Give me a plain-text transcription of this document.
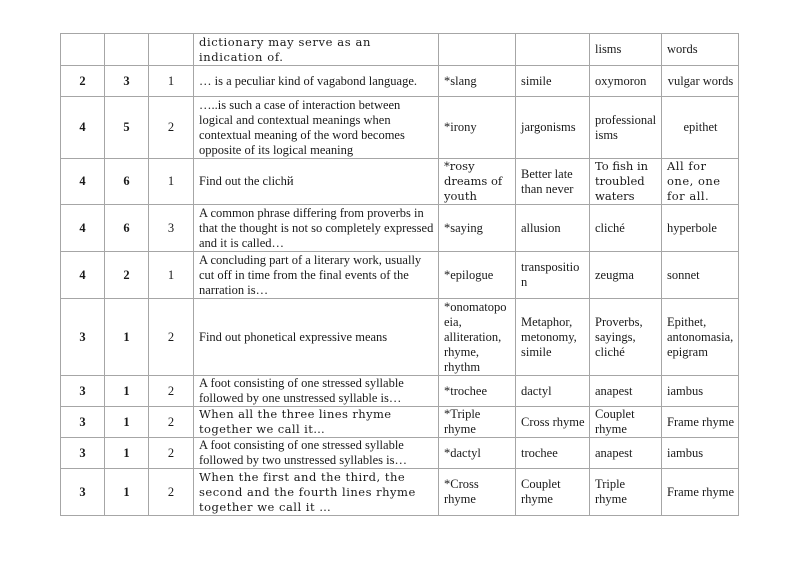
			dictionary may serve as an indication of.			lisms	words
2	3	1	… is a peculiar kind of vagabond language.	*slang	simile	oxymoron	vulgar words
4	5	2	…..is such a case of interaction between logical and contextual meanings when contextual meaning of the word becomes opposite of its logical meaning	*irony	jargonisms	professionalisms	epithet
4	6	1	Find out the clichй	*rosy dreams of youth	Better late than never	To fish in troubled waters	All for one, one for all.
4	6	3	A common phrase differing from proverbs in that the thought is not so completely expressed and it is called…	*saying	allusion	cliché	hyperbole
4	2	1	A concluding part of a literary work, usually cut off in time from the final events of the narration is…	*epilogue	transposition	zeugma	sonnet
3	1	2	Find out phonetical expressive means	*onomatopoeia, alliteration, rhyme, rhythm	Metaphor, metonomy, simile	Proverbs, sayings, cliché	Epithet, antonomasia, epigram
3	1	2	A foot consisting of one stressed syllable followed by one unstressed syllable is…	*trochee	dactyl	anapest	iambus
3	1	2	When all the three lines rhyme together we call it…	*Triple rhyme	Cross rhyme	Couplet rhyme	Frame rhyme
3	1	2	A foot consisting of one stressed syllable followed by two unstressed syllables is…	*dactyl	trochee	anapest	iambus
3	1	2	When the first and the third, the second and the fourth lines rhyme together we call it …	*Cross rhyme	Couplet rhyme	Triple rhyme	Frame rhyme
